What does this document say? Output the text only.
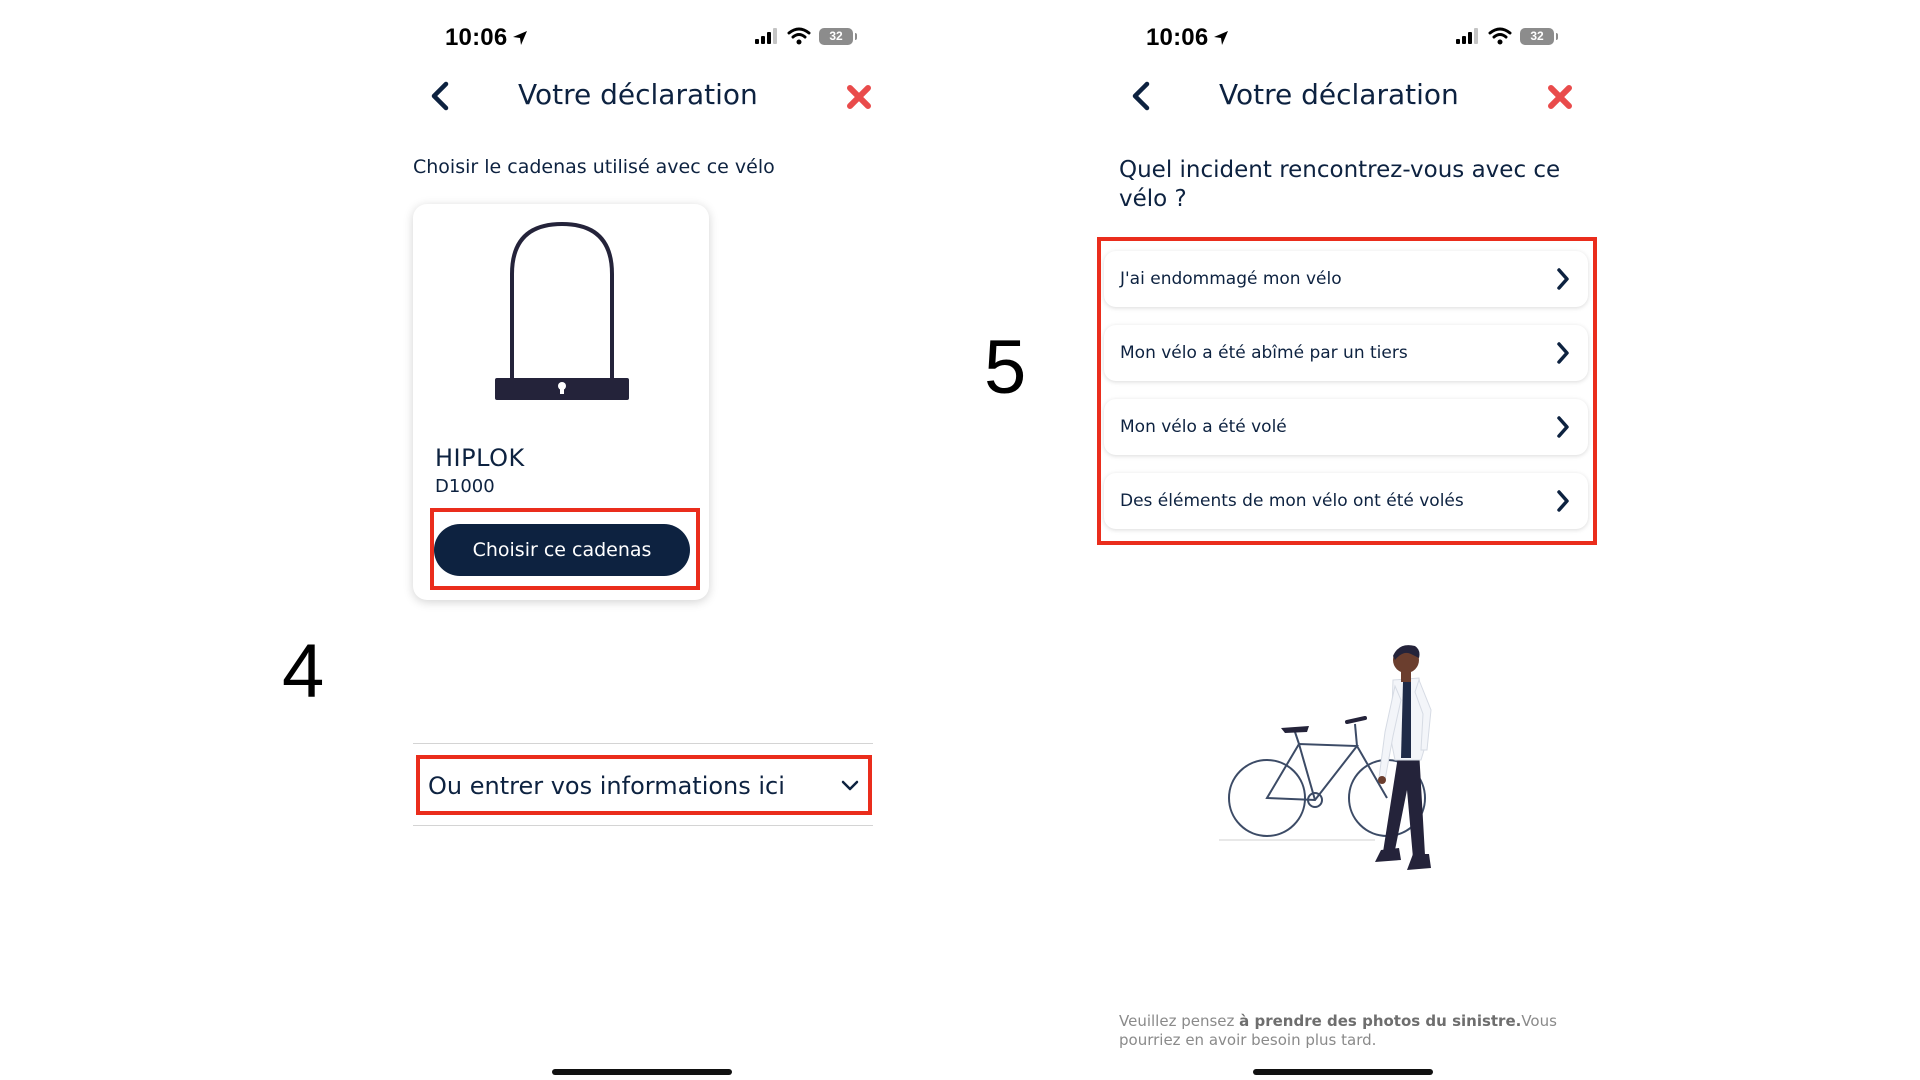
10:06	32
Votre déclaration
Choisir le cadenas utilisé avec ce vélo
HIPLOK
D1000
Choisir ce cadenas
4
Ou entrer vos informations ici
10:06	32
Votre déclaration
Quel incident rencontrez-vous avec ce vélo ?
5
J'ai endommagé mon vélo
Mon vélo a été abîmé par un tiers
Mon vélo a été volé
Des éléments de mon vélo ont été volés
Veuillez pensez à prendre des photos du sinistre.Vous pourriez en avoir besoin plus tard.
